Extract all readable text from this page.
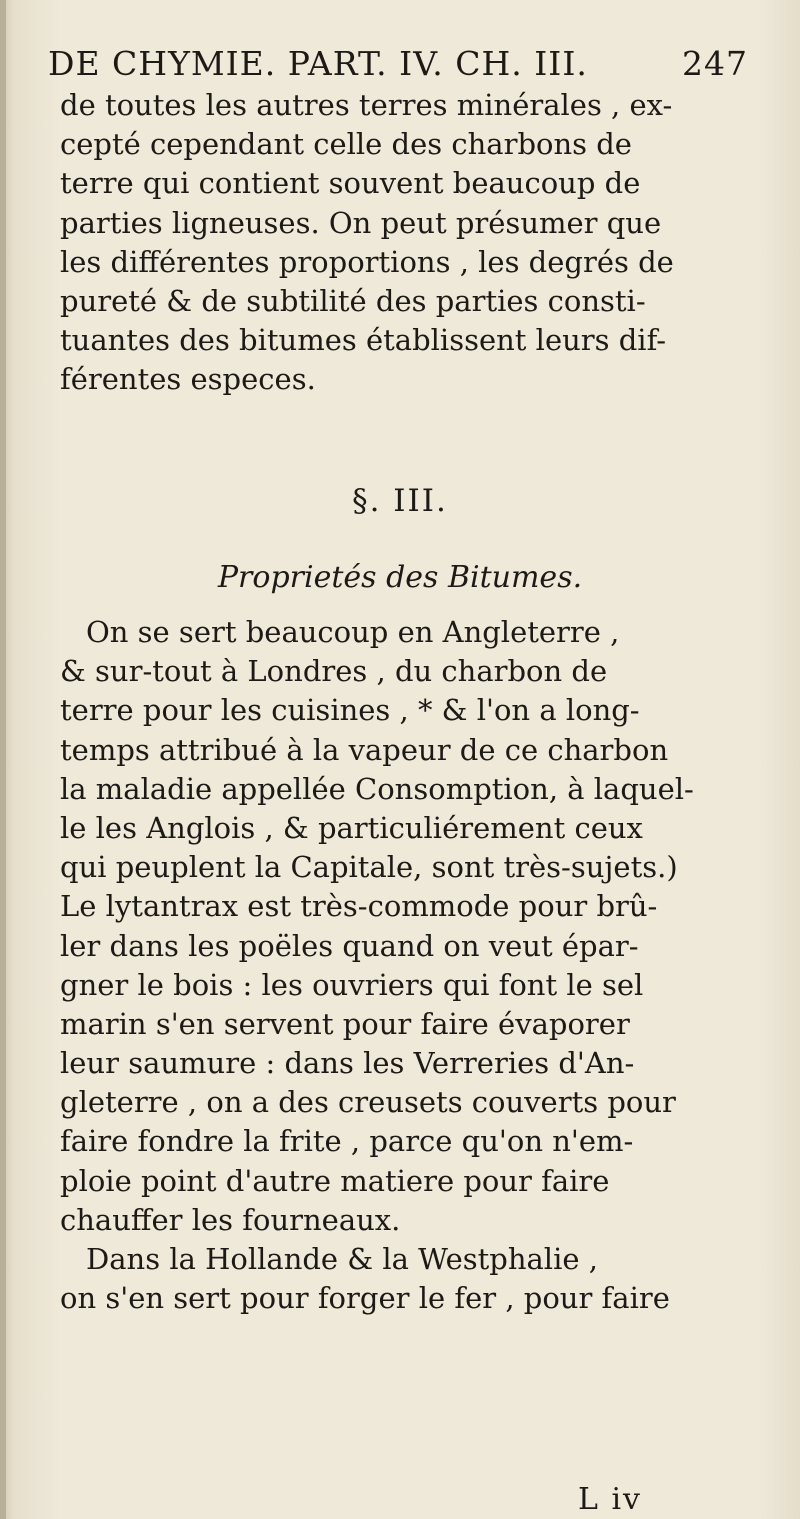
DE CHYMIE. PART. IV. CH. III.	247
de toutes les autres terres minérales , ex-
cepté cependant celle des charbons de
terre qui contient souvent beaucoup de
parties ligneuses. On peut présumer que
les différentes proportions , les degrés de
pureté & de subtilité des parties consti-
tuantes des bitumes établissent leurs dif-
férentes especes.
§. III.
Proprietés des Bitumes.
On se sert beaucoup en Angleterre ,
& sur-tout à Londres , du charbon de
terre pour les cuisines , * & l'on a long-
temps attribué à la vapeur de ce charbon
la maladie appellée Consomption, à laquel-
le les Anglois , & particuliérement ceux
qui peuplent la Capitale, sont très-sujets.)
Le lytantrax est très-commode pour brû-
ler dans les poëles quand on veut épar-
gner le bois : les ouvriers qui font le sel
marin s'en servent pour faire évaporer
leur saumure : dans les Verreries d'An-
gleterre , on a des creusets couverts pour
faire fondre la frite , parce qu'on n'em-
ploie point d'autre matiere pour faire
chauffer les fourneaux.
Dans la Hollande & la Westphalie ,
on s'en sert pour forger le fer , pour faire
L iv
